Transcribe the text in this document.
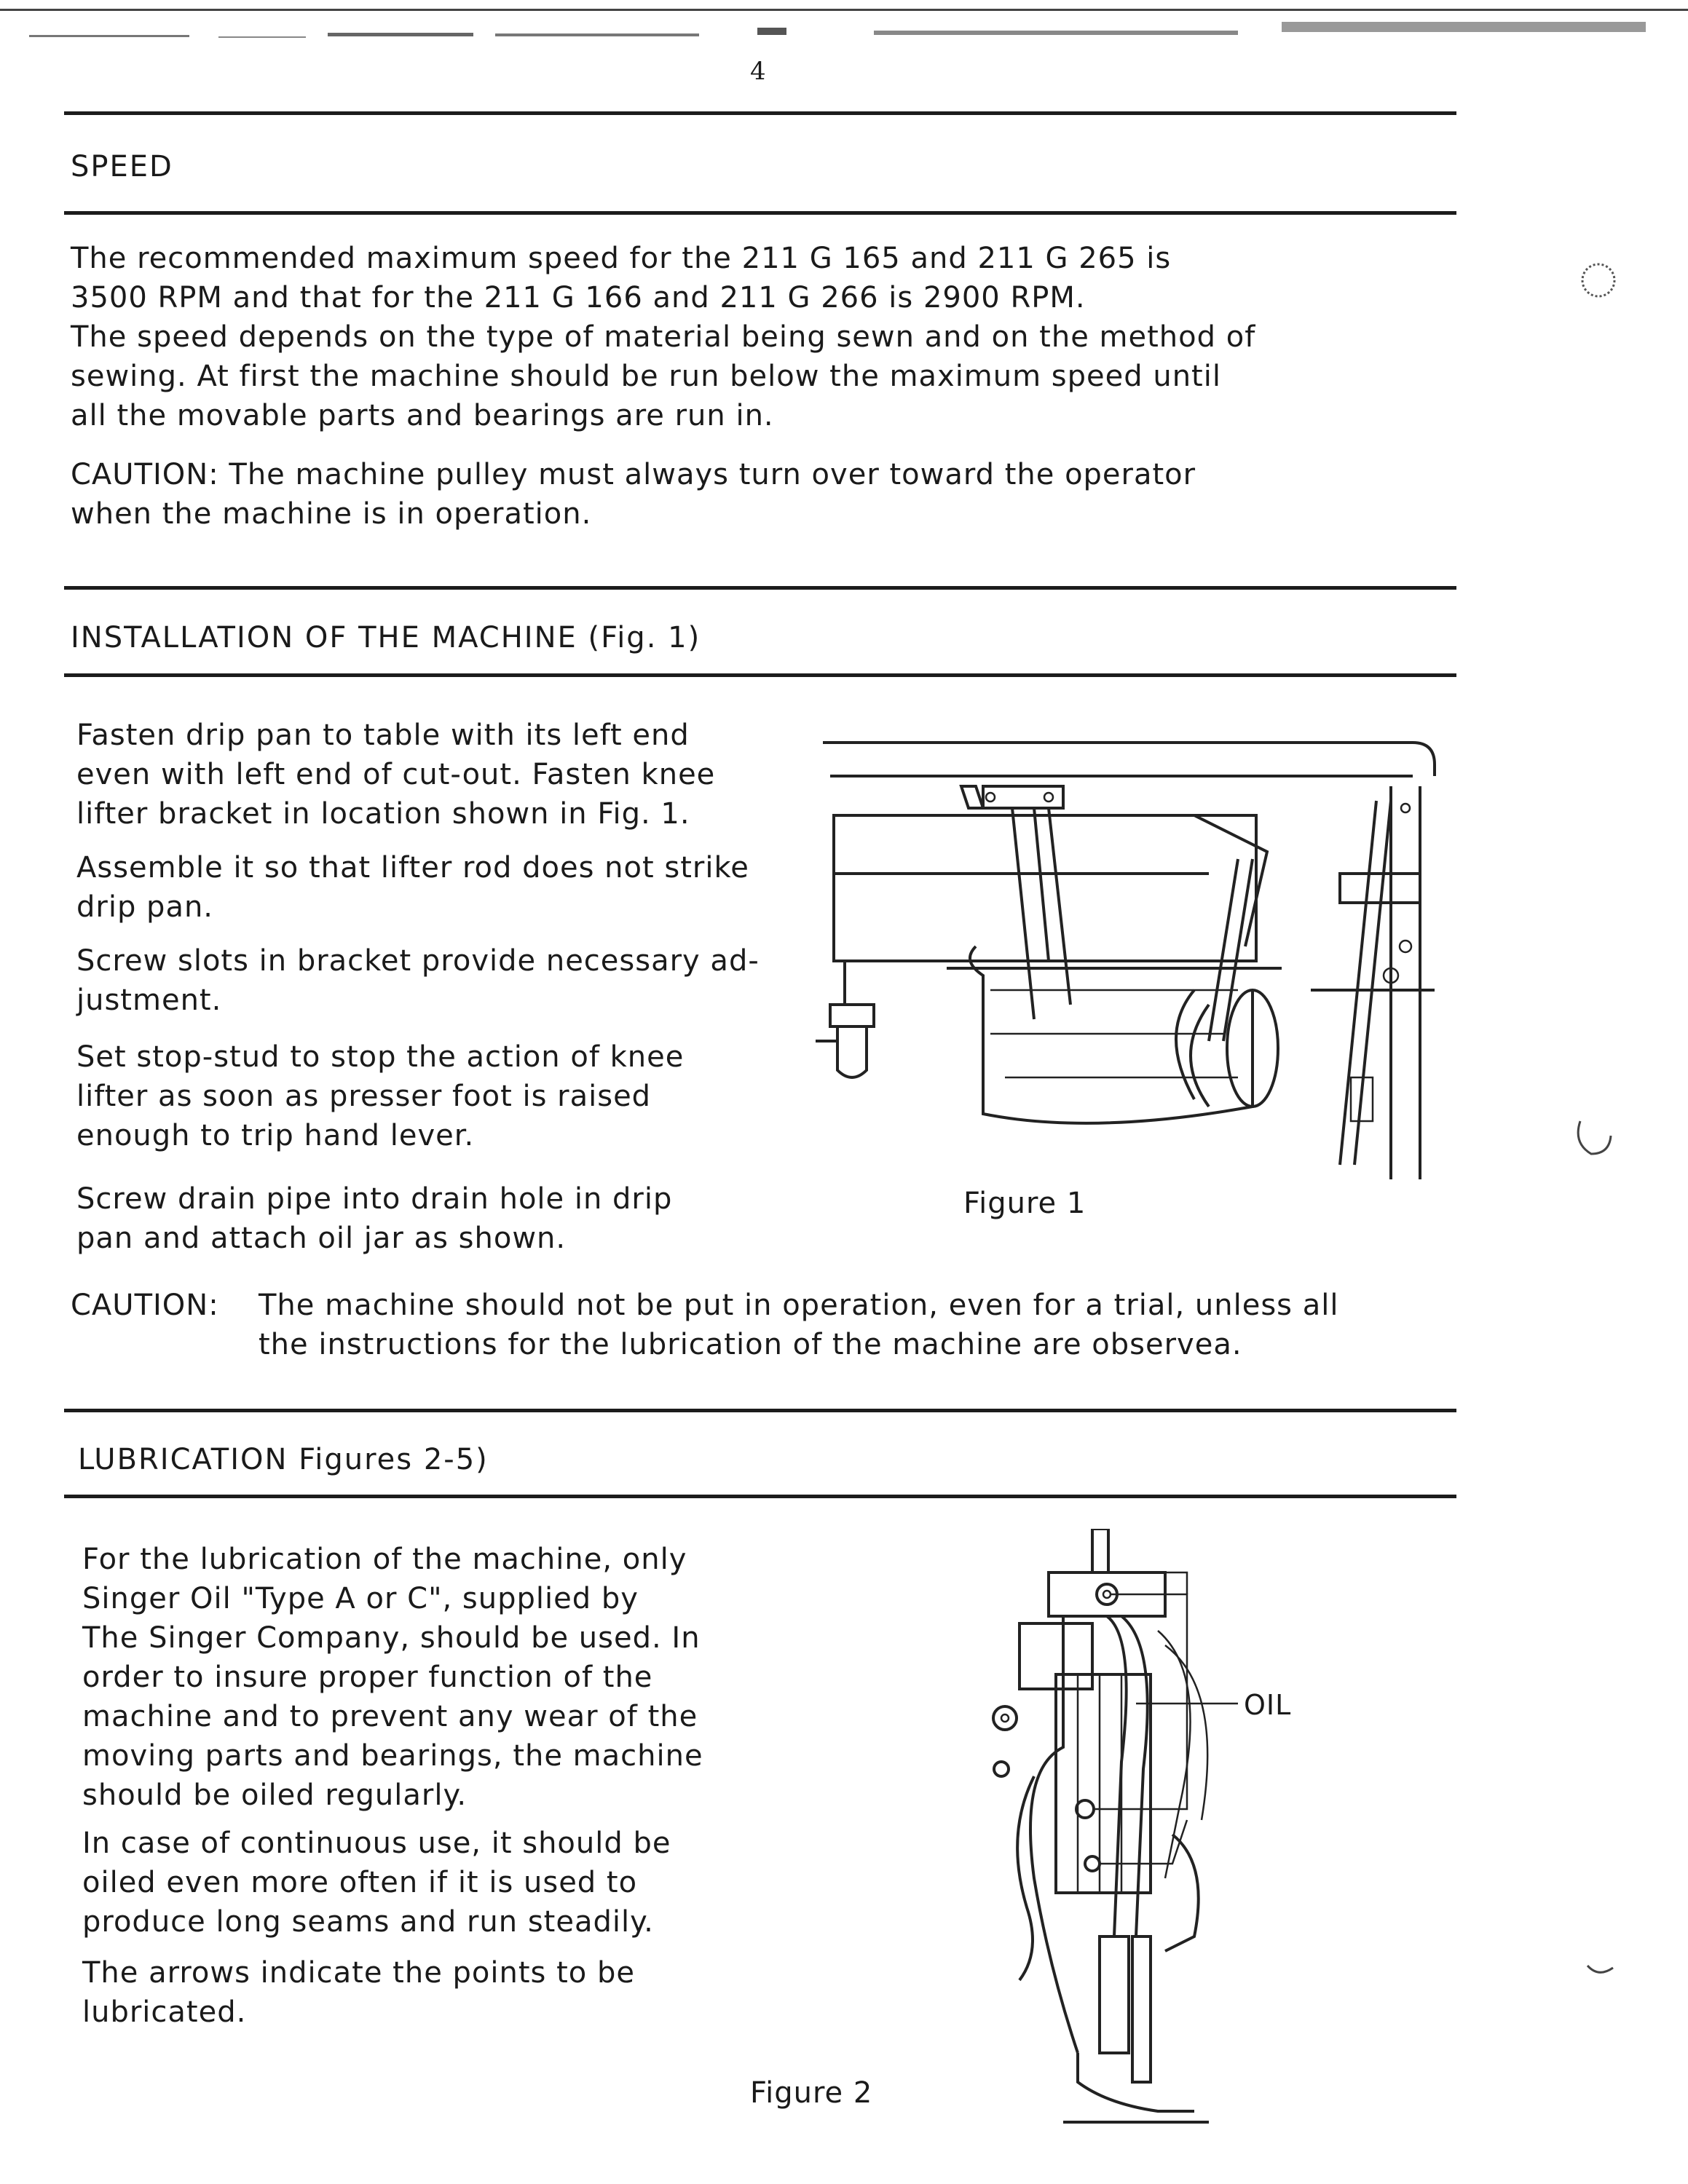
4
SPEED

The recommended maximum speed for the 211 G 165 and 211 G 265 is
3500 RPM and that for the 211 G 166 and 211 G 266 is 2900 RPM.
The speed depends on the type of material being sewn and on the method of
sewing. At first the machine should be run below the maximum speed until
all the movable parts and bearings are run in.

CAUTION: The machine pulley must always turn over toward the operator
when the machine is in operation.

INSTALLATION OF THE MACHINE (Fig. 1)

Fasten drip pan to table with its left end
even with left end of cut-out. Fasten knee
lifter bracket in location shown in Fig. 1.

Assemble it so that lifter rod does not strike
drip pan.

Screw slots in bracket provide necessary ad-
justment.

Set stop-stud to stop the action of knee
lifter as soon as presser foot is raised
enough to trip hand lever.

Screw drain pipe into drain hole in drip
pan and attach oil jar as shown.

Figure 1
CAUTION: The machine should not be put in operation, even for a trial, unless all
the instructions for the lubrication of the machine are observea.

LUBRICATION Figures 2-5)

For the lubrication of the machine, only
Singer Oil "Type A or C", supplied by
The Singer Company, should be used. In
order to insure proper function of the
machine and to prevent any wear of the
moving parts and bearings, the machine
should be oiled regularly.

In case of continuous use, it should be
oiled even more often if it is used to
produce long seams and run steadily.

The arrows indicate the points to be
lubricated.

OIL
Figure 2
